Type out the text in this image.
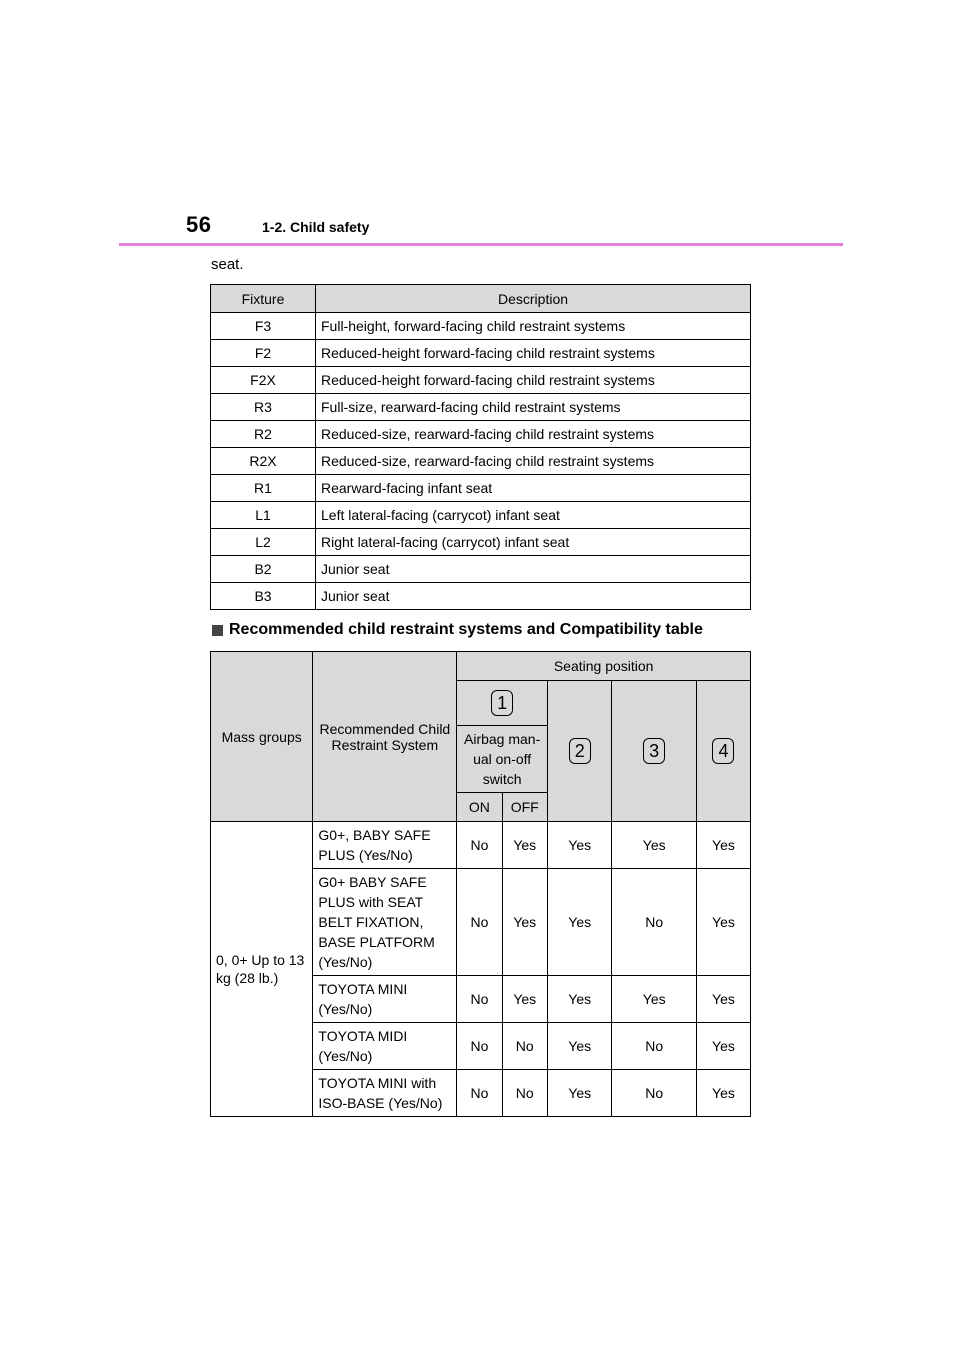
56	1-2. Child safety
seat.
Fixture	Description
F3	Full-height, forward-facing child restraint systems
F2	Reduced-height forward-facing child restraint systems
F2X	Reduced-height forward-facing child restraint systems
R3	Full-size, rearward-facing child restraint systems
R2	Reduced-size, rearward-facing child restraint systems
R2X	Reduced-size, rearward-facing child restraint systems
R1	Rearward-facing infant seat
L1	Left lateral-facing (carrycot) infant seat
L2	Right lateral-facing (carrycot) infant seat
B2	Junior seat
B3	Junior seat
Recommended child restraint systems and Compatibility table
Mass groups	Recommended Child Restraint System	Seating position				
		1		2	3	4
		Airbag man-ual on-off switch				
		ON	OFF			
0, 0+ Up to 13 kg (28 lb.)	G0+, BABY SAFE PLUS (Yes/No)	No	Yes	Yes	Yes	Yes
	G0+ BABY SAFE PLUS with SEAT BELT FIXATION, BASE PLATFORM (Yes/No)	No	Yes	Yes	No	Yes
	TOYOTA MINI (Yes/No)	No	Yes	Yes	Yes	Yes
	TOYOTA MIDI (Yes/No)	No	No	Yes	No	Yes
	TOYOTA MINI with ISO-BASE (Yes/No)	No	No	Yes	No	Yes
